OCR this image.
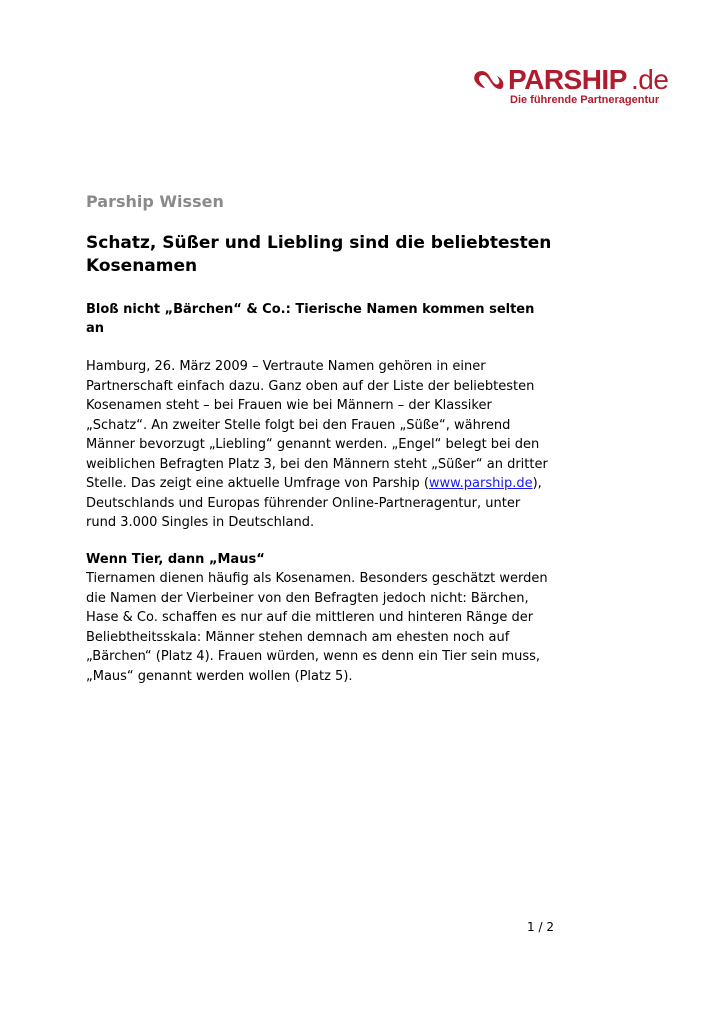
PARSHIP .de
Die führende Partneragentur
Parship Wissen
Schatz, Süßer und Liebling sind die beliebtesten Kosenamen
Bloß nicht „Bärchen“ & Co.: Tierische Namen kommen selten an

Hamburg, 26. März 2009 – Vertraute Namen gehören in einer Partnerschaft einfach dazu. Ganz oben auf der Liste der beliebtesten Kosenamen steht – bei Frauen wie bei Männern – der Klassiker „Schatz“. An zweiter Stelle folgt bei den Frauen „Süße“, während Männer bevorzugt „Liebling“ genannt werden. „Engel“ belegt bei den weiblichen Befragten Platz 3, bei den Männern steht „Süßer“ an dritter Stelle. Das zeigt eine aktuelle Umfrage von Parship (www.parship.de), Deutschlands und Europas führender Online-Partneragentur, unter rund 3.000 Singles in Deutschland.

Wenn Tier, dann „Maus“

Tiernamen dienen häufig als Kosenamen. Besonders geschätzt werden die Namen der Vierbeiner von den Befragten jedoch nicht: Bärchen, Hase & Co. schaffen es nur auf die mittleren und hinteren Ränge der Beliebtheitsskala: Männer stehen demnach am ehesten noch auf „Bärchen“ (Platz 4). Frauen würden, wenn es denn ein Tier sein muss, „Maus“ genannt werden wollen (Platz 5).

1 / 2
